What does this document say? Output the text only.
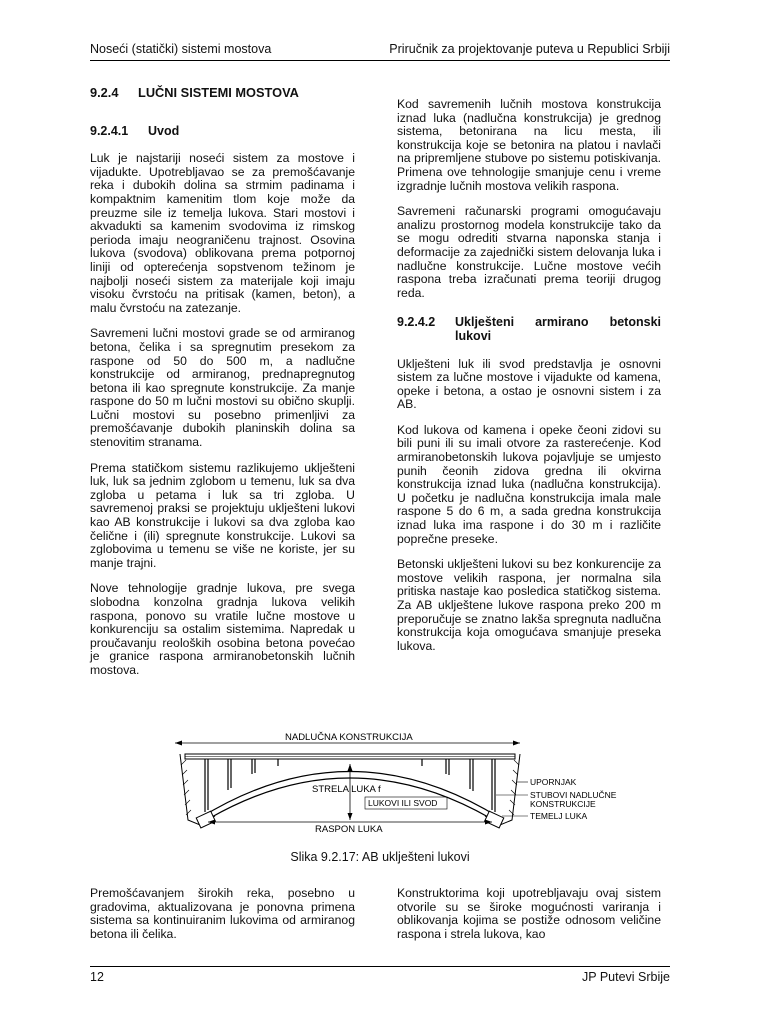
Noseći (statički) sistemi mostova	Priručnik za projektovanje puteva u Republici Srbiji
9.2.4 LUČNI SISTEMI MOSTOVA
9.2.4.1 Uvod

Luk je najstariji noseći sistem za mostove i vijadukte. Upotrebljavao se za premošćavanje reka i dubokih dolina sa strmim padinama i kompaktnim kamenitim tlom koje može da preuzme sile iz temelja lukova. Stari mostovi i akvadukti sa kamenim svodovima iz rimskog perioda imaju neograničenu trajnost. Osovina lukova (svodova) oblikovana prema potpornoj liniji od opterećenja sopstvenom težinom je najbolji noseći sistem za materijale koji imaju visoku čvrstoću na pritisak (kamen, beton), a malu čvrstoću na zatezanje.

Savremeni lučni mostovi grade se od armiranog betona, čelika i sa spregnutim presekom za raspone od 50 do 500 m, a nadlučne konstrukcije od armiranog, prednapregnutog betona ili kao spregnute konstrukcije. Za manje raspone do 50 m lučni mostovi su obično skuplji. Lučni mostovi su posebno primenljivi za premošćavanje dubokih planinskih dolina sa stenovitim stranama.

Prema statičkom sistemu razlikujemo uklješteni luk, luk sa jednim zglobom u temenu, luk sa dva zgloba u petama i luk sa tri zgloba. U savremenoj praksi se projektuju uklješteni lukovi kao AB konstrukcije i lukovi sa dva zgloba kao čelične i (ili) spregnute konstrukcije. Lukovi sa zglobovima u temenu se više ne koriste, jer su manje trajni.

Nove tehnologije gradnje lukova, pre svega slobodna konzolna gradnja lukova velikih raspona, ponovo su vratile lučne mostove u konkurenciju sa ostalim sistemima. Napredak u proučavanju reoloških osobina betona povećao je granice raspona armiranobetonskih lučnih mostova.

Kod savremenih lučnih mostova konstrukcija iznad luka (nadlučna konstrukcija) je grednog sistema, betonirana na licu mesta, ili konstrukcija koje se betonira na platou i navlači na pripremljene stubove po sistemu potiskivanja. Primena ove tehnologije smanjuje cenu i vreme izgradnje lučnih mostova velikih raspona.

Savremeni računarski programi omogućavaju analizu prostornog modela konstrukcije tako da se mogu odrediti stvarna naponska stanja i deformacije za zajednički sistem delovanja luka i nadlučne konstrukcije. Lučne mostove većih raspona treba izračunati prema teoriji drugog reda.

9.2.4.2	Uklješteni armirano betonski lukovi

Uklješteni luk ili svod predstavlja je osnovni sistem za lučne mostove i vijadukte od kamena, opeke i betona, a ostao je osnovni sistem i za AB.

Kod lukova od kamena i opeke čeoni zidovi su bili puni ili su imali otvore za rasterećenje. Kod armiranobetonskih lukova pojavljuje se umjesto punih čeonih zidova gredna ili okvirna konstrukcija iznad luka (nadlučna konstrukcija). U početku je nadlučna konstrukcija imala male raspone 5 do 6 m, a sada gredna konstrukcija iznad luka ima raspone i do 30 m i različite poprečne preseke.

Betonski uklješteni lukovi su bez konkurencije za mostove velikih raspona, jer normalna sila pritiska nastaje kao posledica statičkog sistema. Za AB uklještene lukove raspona preko 200 m preporučuje se znatno lakša spregnuta nadlučna konstrukcija koja omogućava smanjuje preseka lukova.

NADLUČNA KONSTRUKCIJA
STRELA LUKA f
LUKOVI ILI SVOD
RASPON LUKA
UPORNJAK
STUBOVI NADLUČNE
KONSTRUKCIJE
TEMELJ LUKA
Slika 9.2.17: AB uklješteni lukovi
Premošćavanjem širokih reka, posebno u gradovima, aktualizovana je ponovna primena sistema sa kontinuiranim lukovima od armiranog betona ili čelika.
Konstruktorima koji upotrebljavaju ovaj sistem otvorile su se široke mogućnosti variranja i oblikovanja kojima se postiže odnosom veličine raspona i strela lukova, kao
12	JP Putevi Srbije
